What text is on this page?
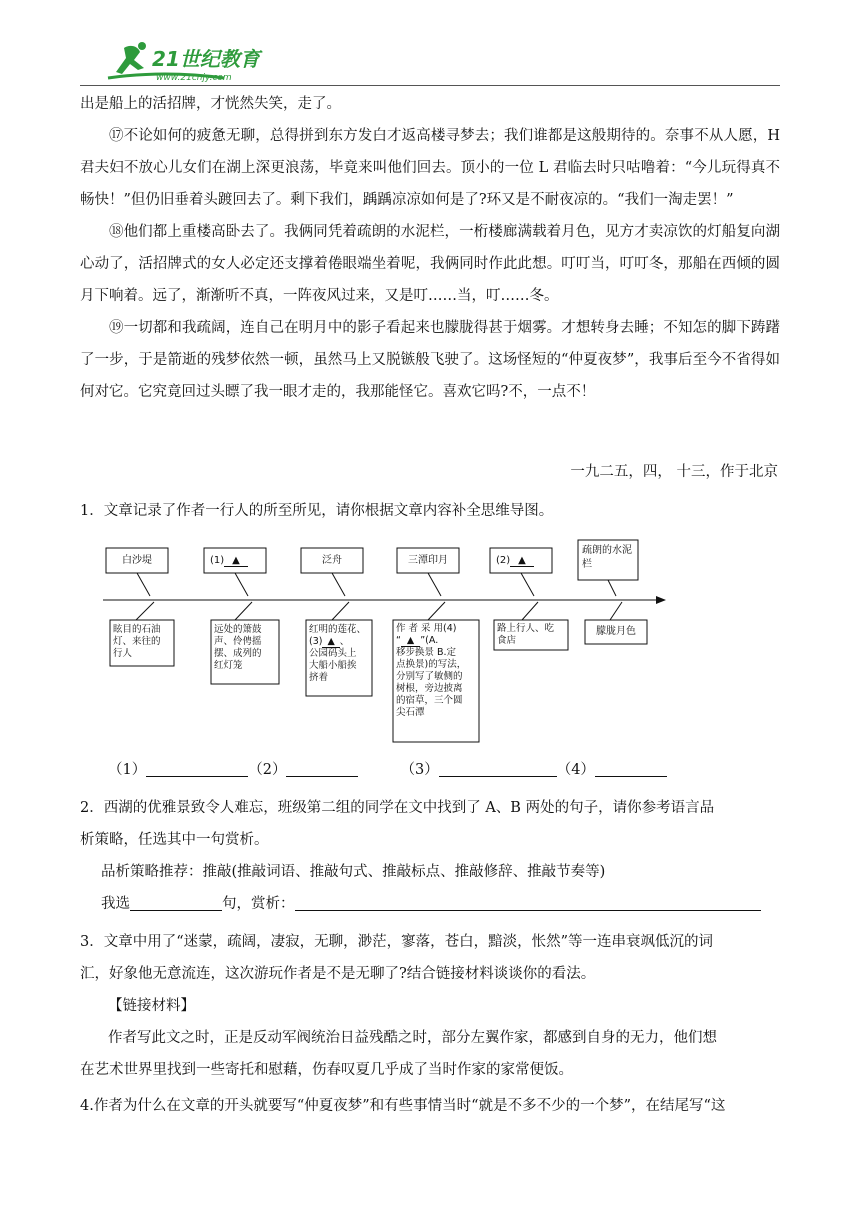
21世纪教育
www.21cnjy.com

出是船上的活招牌，才恍然失笑，走了。

⑰不论如何的疲惫无聊，总得拼到东方发白才返高楼寻梦去；我们谁都是这般期待的。奈事不从人愿，H 君夫妇不放心儿女们在湖上深更浪荡，毕竟来叫他们回去。顶小的一位 L 君临去时只咕噜着：“今儿玩得真不畅快！”但仍旧垂着头踱回去了。剩下我们，踽踽凉凉如何是了?环又是不耐夜凉的。“我们一淘走罢！”

⑱他们都上重楼高卧去了。我俩同凭着疏朗的水泥栏，一桁楼廊满载着月色，见方才卖凉饮的灯船复向湖心动了，活招牌式的女人必定还支撑着倦眼端坐着呢，我俩同时作此此想。叮叮当，叮叮冬，那船在西倾的圆月下响着。远了，渐渐听不真，一阵夜风过来，又是叮……当，叮……冬。

⑲一切都和我疏阔，连自己在明月中的影子看起来也朦胧得甚于烟雾。才想转身去睡；不知怎的脚下踌躇了一步，于是箭逝的残梦依然一顿，虽然马上又脱镞般飞驶了。这场怪短的“仲夏夜梦”，我事后至今不省得如何对它。它究竟回过头瞟了我一眼才走的，我那能怪它。喜欢它吗?不，一点不！

一九二五，四， 十三，作于北京
1．文章记录了作者一行人的所至所见，请你根据文章内容补全思维导图。
白沙堤	(1) ▲	泛舟	三潭印月	(2) ▲
疏朗的水泥栏
眩目的石油
灯、来往的
行人
远处的箫鼓
声、伶俜摇
摆、成列的
红灯笼
红明的莲花、
(3) ▲ 、
公园码头上
大船小船挨
挤着
作 者 采 用(4)
“ ▲ ”(A.
移步换景 B.定
点换景)的写法，
分别写了敏侧的
树根，旁边披离
的宿草，三个圆
尖石潭
路上行人、吃
食店
朦胧月色
（1）	（2）	（3）	（4）
2．西湖的优雅景致令人难忘，班级第二组的同学在文中找到了 A、B 两处的句子，请你参考语言品
析策略，任选其中一句赏析。
品析策略推荐：推敲(推敲词语、推敲句式、推敲标点、推敲修辞、推敲节奏等)
我选	句，赏析：
3．文章中用了“迷蒙，疏阔，凄寂，无聊，渺茫，寥落，苍白，黯淡，怅然”等一连串衰飒低沉的词
汇，好象他无意流连，这次游玩作者是不是无聊了?结合链接材料谈谈你的看法。
【链接材料】
作者写此文之时，正是反动军阀统治日益残酷之时，部分左翼作家，都感到自身的无力，他们想
在艺术世界里找到一些寄托和慰藉，伤春叹夏几乎成了当时作家的家常便饭。
4.作者为什么在文章的开头就要写“仲夏夜梦”和有些事情当时“就是不多不少的一个梦”，在结尾写“这
